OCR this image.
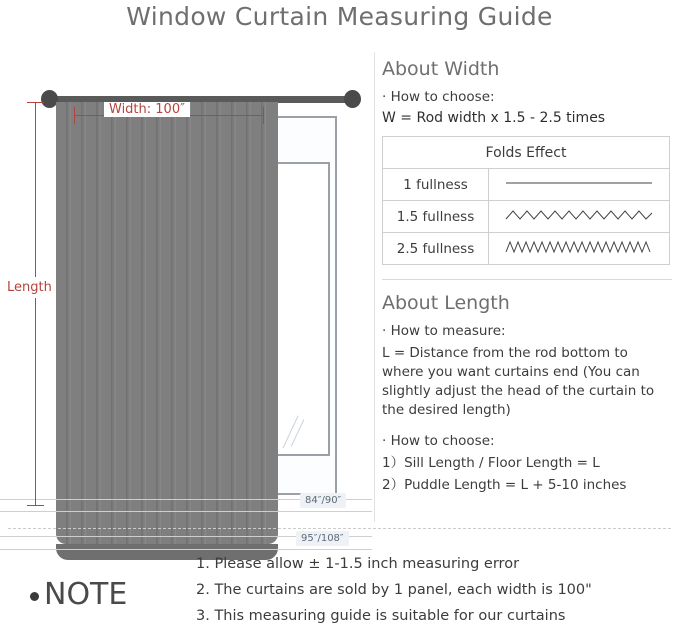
Window Curtain Measuring Guide
84″/90″
95″/108″
Width: 100″
Length
About Width

· How to choose:

W = Rod width x 1.5 - 2.5 times

Folds Effect	
1 fullness	
1.5 fullness	
2.5 fullness	
About Length

· How to measure:

L = Distance from the rod bottom to where you want curtains end (You can slightly adjust the head of the curtain to the desired length)

· How to choose:

1）Sill Length / Floor Length = L

2）Puddle Length = L + 5-10 inches

NOTE

1. Please allow ± 1-1.5 inch measuring error

2. The curtains are sold by 1 panel, each width is 100"

3. This measuring guide is suitable for our curtains
